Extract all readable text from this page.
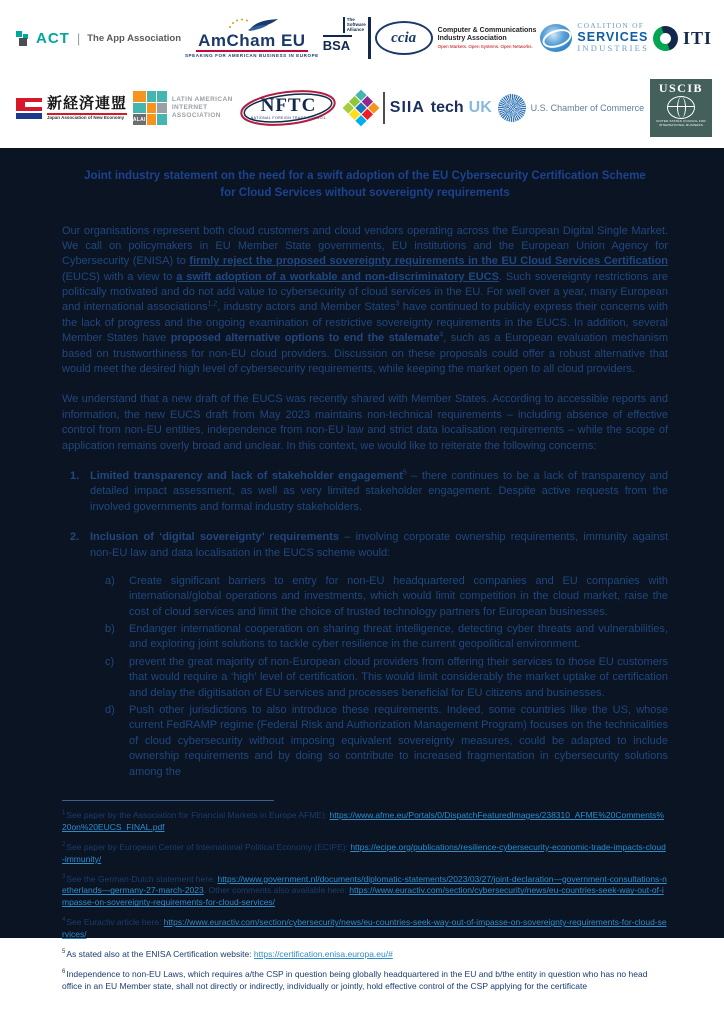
ACT | The App Association AmCham EU
SPEAKING FOR AMERICAN BUSINESS IN EUROPE
The
Software
Alliance
BSA	ccia	Computer & Communications
Industry Association
Open Markets. Open Systems. Open Networks.
COALITION OF
SERVICES
INDUSTRIES
ITI
新経済連盟
Japan Association of New Economy	ALAI
LATIN AMERICAN
INTERNET
ASSOCIATION	NFTC
NATIONAL FOREIGN TRADE COUNCIL
SIIA tech UK	U.S. Chamber of Commerce
USCIB
UNITED STATES COUNCIL FOR
INTERNATIONAL BUSINESS
Joint industry statement on the need for a swift adoption of the EU Cybersecurity Certification Scheme for Cloud Services without sovereignty requirements

Our organisations represent both cloud customers and cloud vendors operating across the European Digital Single Market. We call on policymakers in EU Member State governments, EU institutions and the European Union Agency for Cybersecurity (ENISA) to firmly reject the proposed sovereignty requirements in the EU Cloud Services Certification (EUCS) with a view to a swift adoption of a workable and non-discriminatory EUCS. Such sovereignty restrictions are politically motivated and do not add value to cybersecurity of cloud services in the EU. For well over a year, many European and international associations$^{1,2}$, industry actors and Member States$^3$ have continued to publicly express their concerns with the lack of progress and the ongoing examination of restrictive sovereignty requirements in the EUCS. In addition, several Member States have proposed alternative options to end the stalemate$^4$, such as a European evaluation mechanism based on trustworthiness for non-EU cloud providers. Discussion on these proposals could offer a robust alternative that would meet the desired high level of cybersecurity requirements, while keeping the market open to all cloud providers.

We understand that a new draft of the EUCS was recently shared with Member States. According to accessible reports and information, the new EUCS draft from May 2023 maintains non-technical requirements – including absence of effective control from non-EU entities, independence from non-EU law and strict data localisation requirements – while the scope of application remains overly broad and unclear. In this context, we would like to reiterate the following concerns:

1. Limited transparency and lack of stakeholder engagement$^5$ – there continues to be a lack of transparency and detailed impact assessment, as well as very limited stakeholder engagement. Despite active requests from the involved governments and formal industry stakeholders.
2. Inclusion of ‘digital sovereignty’ requirements – involving corporate ownership requirements, immunity against non-EU law and data localisation in the EUCS scheme would:
a)	Create significant barriers to entry for non-EU headquartered companies and EU companies with international/global operations and investments, which would limit competition in the cloud market, raise the cost of cloud services and limit the choice of trusted technology partners for European businesses.
b)	Endanger international cooperation on sharing threat intelligence, detecting cyber threats and vulnerabilities, and exploring joint solutions to tackle cyber resilience in the current geopolitical environment.
c)	prevent the great majority of non-European cloud providers from offering their services to those EU customers that would require a ‘high’ level of certification. This would limit considerably the market uptake of certification and delay the digitisation of EU services and processes beneficial for EU citizens and businesses.
d)	Push other jurisdictions to also introduce these requirements. Indeed, some countries like the US, whose current FedRAMP regime (Federal Risk and Authorization Management Program) focuses on the technicalities of cloud cybersecurity without imposing equivalent sovereignty measures, could be adapted to include ownership requirements and by doing so contribute to increased fragmentation in cybersecurity solutions among the

$^1$See paper by the Association for Financial Markets in Europe AFME): https://www.afme.eu/Portals/0/DispatchFeaturedImages/238310_AFME%20Comments%20on%20EUCS_FINAL.pdf

$^2$See paper by European Center of International Political Economy (ECIPE): https://ecipe.org/publications/resilience-cybersecurity-economic-trade-impacts-cloud-immunity/

$^3$See the German-Dutch statement here: https://www.government.nl/documents/diplomatic-statements/2023/03/27/joint-declaration—government-consultations-netherlands—germany-27-march-2023. Other comments also available here: https://www.euractiv.com/section/cybersecurity/news/eu-countries-seek-way-out-of-impasse-on-sovereignty-requirements-for-cloud-services/

$^4$See Euractiv article here: https://www.euractiv.com/section/cybersecurity/news/eu-countries-seek-way-out-of-impasse-on-sovereignty-requirements-for-cloud-services/

$^5$As stated also at the ENISA Certification website: https://certification.enisa.europa.eu/#

$^6$Independence to non-EU Laws, which requires a/the CSP in question being globally headquartered in the EU and b/the entity in question who has no head office in an EU Member state, shall not directly or indirectly, individually or jointly, hold effective control of the CSP applying for the certificate
